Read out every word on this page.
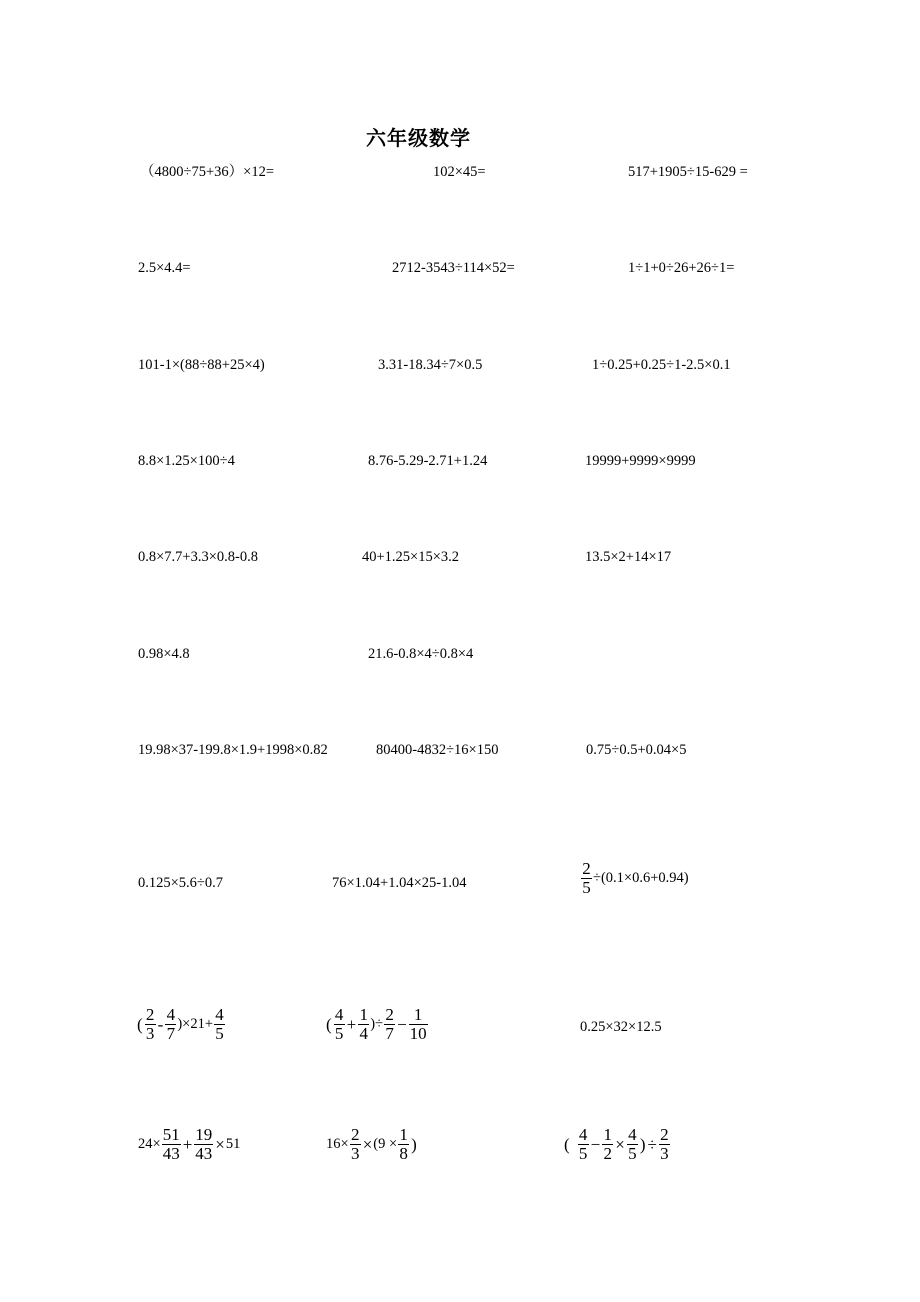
六年级数学
（4800÷75+36）×12=	102×45=	517+1905÷15-629 =
2.5×4.4=	2712-3543÷114×52=	1÷1+0÷26+26÷1=
101-1×(88÷88+25×4)	3.31-18.34÷7×0.5	1÷0.25+0.25÷1-2.5×0.1
8.8×1.25×100÷4	8.76-5.29-2.71+1.24	19999+9999×9999
0.8×7.7+3.3×0.8-0.8	40+1.25×15×3.2	13.5×2+14×17
0.98×4.8	21.6-0.8×4÷0.8×4
19.98×37-199.8×1.9+1998×0.82	80400-4832÷16×150	0.75÷0.5+0.04×5
0.125×5.6÷0.7	76×1.04+1.04×25-1.04	$\frac{2}{5} \div(0.1\times 0.6+0.94)$
( $\frac{2}{3} - \frac{4}{7} )\times 21+ \frac{4}{5}$	( $\frac{4}{5} + \frac{1}{4}$ )÷ $\frac{2}{7} - \frac{1}{10}$	0.25×32×12.5
$24\times \frac{51}{43} + \frac{19}{43} \times 51$	$16\times \frac{2}{3} \times(9 \times \frac{1}{8}$ )	( $\frac{4}{5} - \frac{1}{2} \times \frac{4}{5}$ ) ÷ $\frac{2}{3}$
